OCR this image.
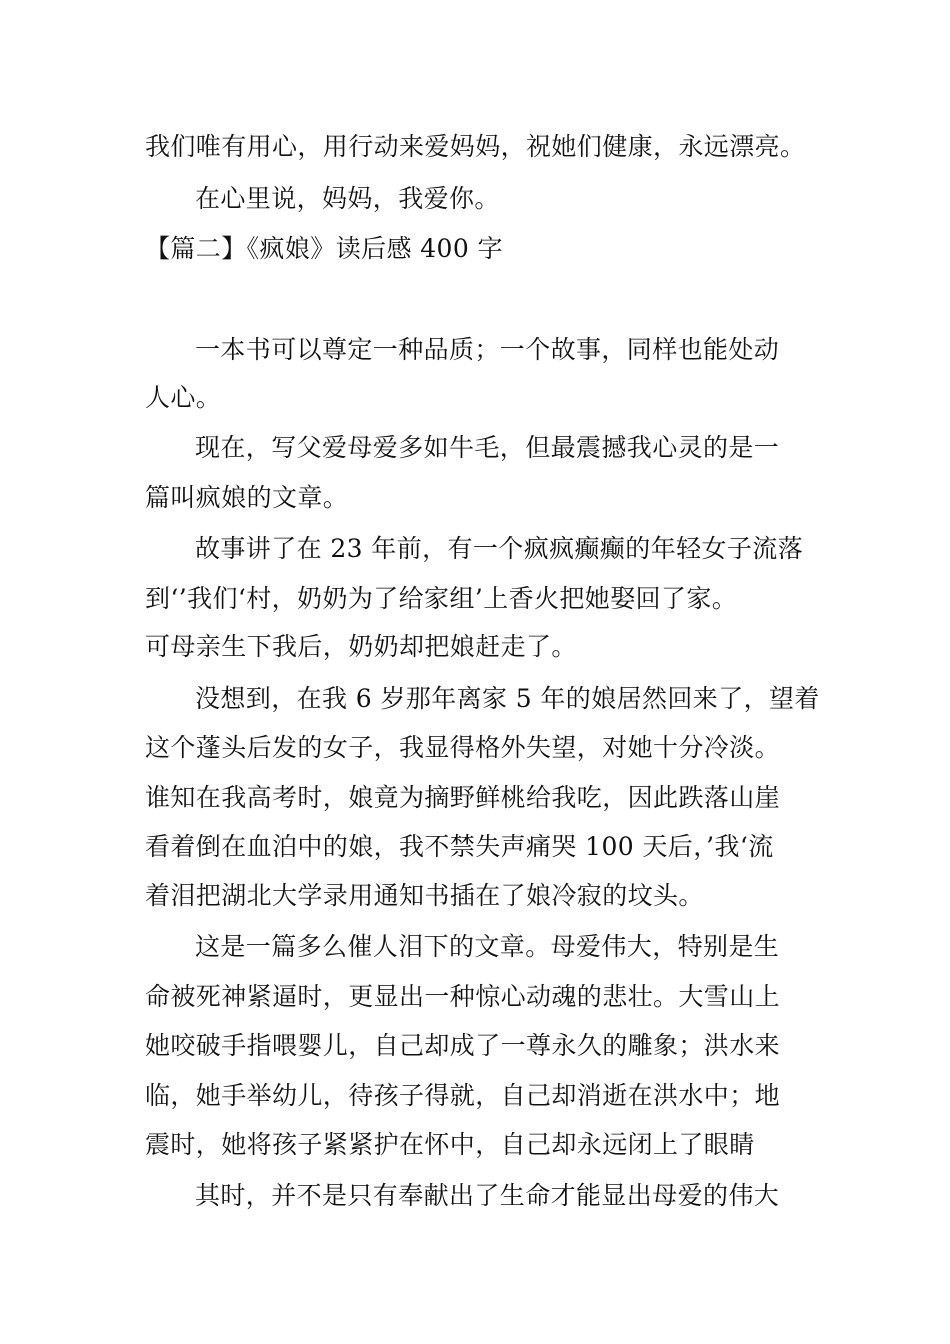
我们唯有用心，用行动来爱妈妈，祝她们健康，永远漂亮。
在心里说，妈妈，我爱你。
【篇二】《疯娘》读后感 400 字
一本书可以尊定一种品质；一个故事，同样也能处动
人心。
现在，写父爱母爱多如牛毛，但最震撼我心灵的是一
篇叫疯娘的文章。
故事讲了在 23 年前，有一个疯疯癫癫的年轻女子流落
到‘’我们‘村，奶奶为了给家组’上香火把她娶回了家。
可母亲生下我后，奶奶却把娘赶走了。
没想到，在我 6 岁那年离家 5 年的娘居然回来了，望着
这个蓬头后发的女子，我显得格外失望，对她十分冷淡。
谁知在我高考时，娘竟为摘野鲜桃给我吃，因此跌落山崖
看着倒在血泊中的娘，我不禁失声痛哭 100 天后，’我‘流
着泪把湖北大学录用通知书插在了娘冷寂的坟头。
这是一篇多么催人泪下的文章。母爱伟大，特别是生
命被死神紧逼时，更显出一种惊心动魂的悲壮。大雪山上
她咬破手指喂婴儿，自己却成了一尊永久的雕象；洪水来
临，她手举幼儿，待孩子得就，自己却消逝在洪水中；地
震时，她将孩子紧紧护在怀中，自己却永远闭上了眼睛
其时，并不是只有奉献出了生命才能显出母爱的伟大
